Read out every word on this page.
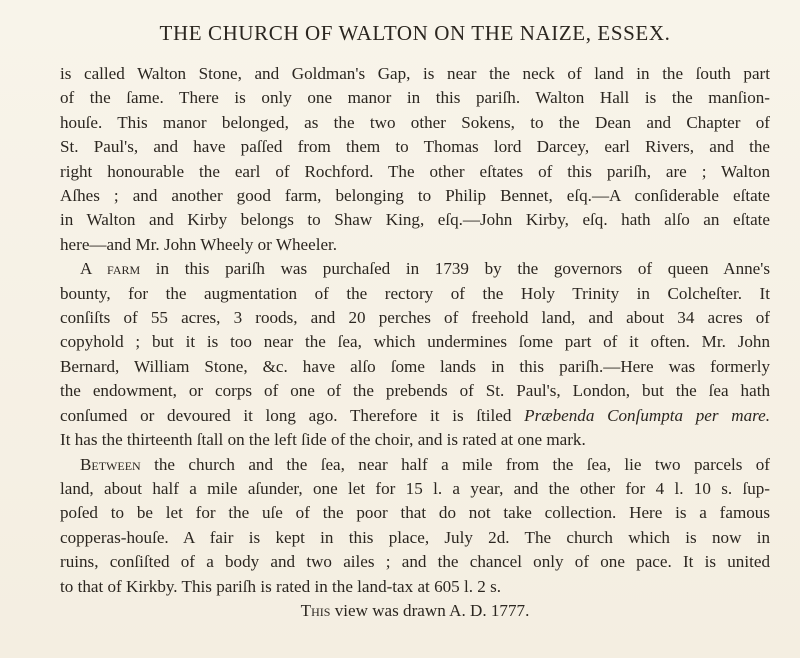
THE CHURCH OF WALTON ON THE NAIZE, ESSEX.

is called Walton Stone, and Goldman's Gap, is near the neck of land in the ſouth part
of the ſame. There is only one manor in this pariſh. Walton Hall is the manſion-
houſe. This manor belonged, as the two other Sokens, to the Dean and Chapter of
St. Paul's, and have paſſed from them to Thomas lord Darcey, earl Rivers, and the
right honourable the earl of Rochford. The other eſtates of this pariſh, are ; Walton
Aſhes ; and another good farm, belonging to Philip Bennet, eſq.—A conſiderable eſtate
in Walton and Kirby belongs to Shaw King, eſq.—John Kirby, eſq. hath alſo an eſtate
here—and Mr. John Wheely or Wheeler.

A farm in this pariſh was purchaſed in 1739 by the governors of queen Anne's
bounty, for the augmentation of the rectory of the Holy Trinity in Colcheſter. It
conſiſts of 55 acres, 3 roods, and 20 perches of freehold land, and about 34 acres of
copyhold ; but it is too near the ſea, which undermines ſome part of it often. Mr. John
Bernard, William Stone, &c. have alſo ſome lands in this pariſh.—Here was formerly
the endowment, or corps of one of the prebends of St. Paul's, London, but the ſea hath
conſumed or devoured it long ago. Therefore it is ſtiled Præbenda Conſumpta per mare.
It has the thirteenth ſtall on the left ſide of the choir, and is rated at one mark.

Between the church and the ſea, near half a mile from the ſea, lie two parcels of
land, about half a mile aſunder, one let for 15 l. a year, and the other for 4 l. 10 s. ſup-
poſed to be let for the uſe of the poor that do not take collection. Here is a famous
copperas-houſe. A fair is kept in this place, July 2d. The church which is now in
ruins, conſiſted of a body and two ailes ; and the chancel only of one pace. It is united
to that of Kirkby. This pariſh is rated in the land-tax at 605 l. 2 s.

This view was drawn A. D. 1777.
